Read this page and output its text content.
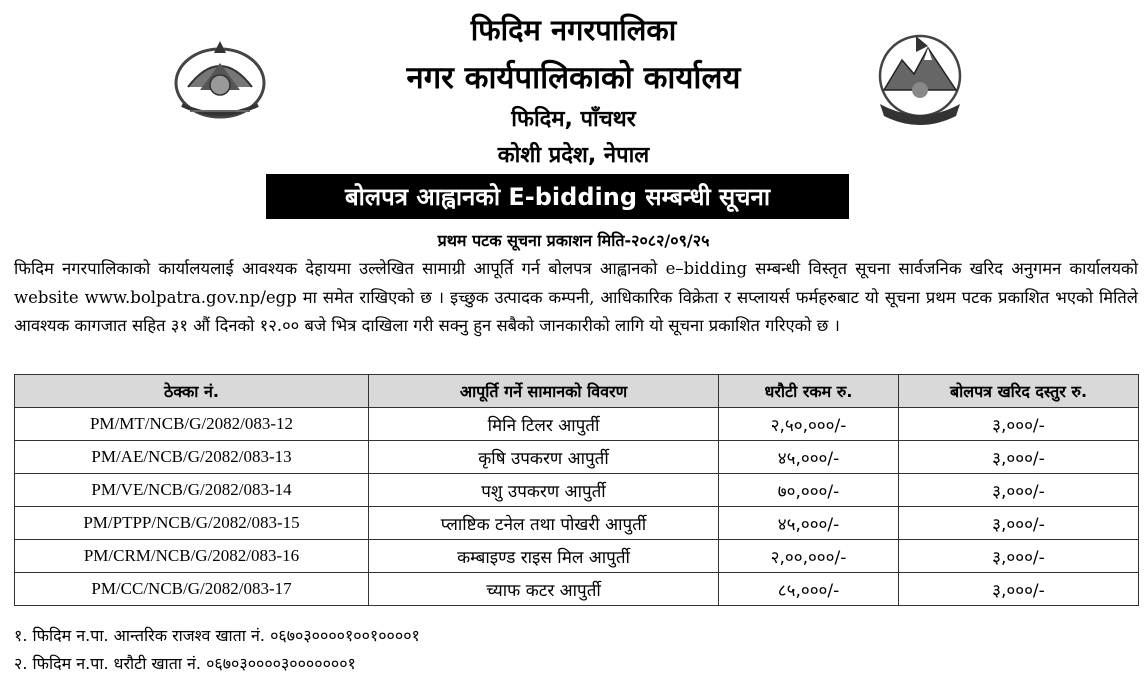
फिदिम नगरपालिका
नगर कार्यपालिकाको कार्यालय
फिदिम, पाँचथर
कोशी प्रदेश, नेपाल
बोलपत्र आह्वानको E-bidding सम्बन्धी सूचना
प्रथम पटक सूचना प्रकाशन मिति-२०८२/०९/२५
फिदिम नगरपालिकाको कार्यालयलाई आवश्यक देहायमा उल्लेखित सामाग्री आपूर्ति गर्न बोलपत्र आह्वानको e–bidding सम्बन्धी विस्तृत सूचना सार्वजनिक खरिद अनुगमन कार्यालयको website www.bolpatra.gov.np/egp मा समेत राखिएको छ । इच्छुक उत्पादक कम्पनी, आधिकारिक विक्रेता र सप्लायर्स फर्महरुबाट यो सूचना प्रथम पटक प्रकाशित भएको मितिले आवश्यक कागजात सहित ३१ औं दिनको १२.०० बजे भित्र दाखिला गरी सक्नु हुन सबैको जानकारीको लागि यो सूचना प्रकाशित गरिएको छ ।
ठेक्का नं.	आपूर्ति गर्ने सामानको विवरण	धरौटी रकम रु.	बोलपत्र खरिद दस्तुर रु.
PM/MT/NCB/G/2082/083-12	मिनि टिलर आपुर्ती	२,५०,०००/-	३,०००/-
PM/AE/NCB/G/2082/083-13	कृषि उपकरण आपुर्ती	४५,०००/-	३,०००/-
PM/VE/NCB/G/2082/083-14	पशु उपकरण आपुर्ती	७०,०००/-	३,०००/-
PM/PTPP/NCB/G/2082/083-15	प्लाष्टिक टनेल तथा पोखरी आपुर्ती	४५,०००/-	३,०००/-
PM/CRM/NCB/G/2082/083-16	कम्बाइण्ड राइस मिल आपुर्ती	२,००,०००/-	३,०००/-
PM/CC/NCB/G/2082/083-17	च्याफ कटर आपुर्ती	८५,०००/-	३,०००/-
१. फिदिम न.पा. आन्तरिक राजश्व खाता नं. ०६७०३००००१००१००००१
२. फिदिम न.पा. धरौटी खाता नं. ०६७०३००००३०००००००१
